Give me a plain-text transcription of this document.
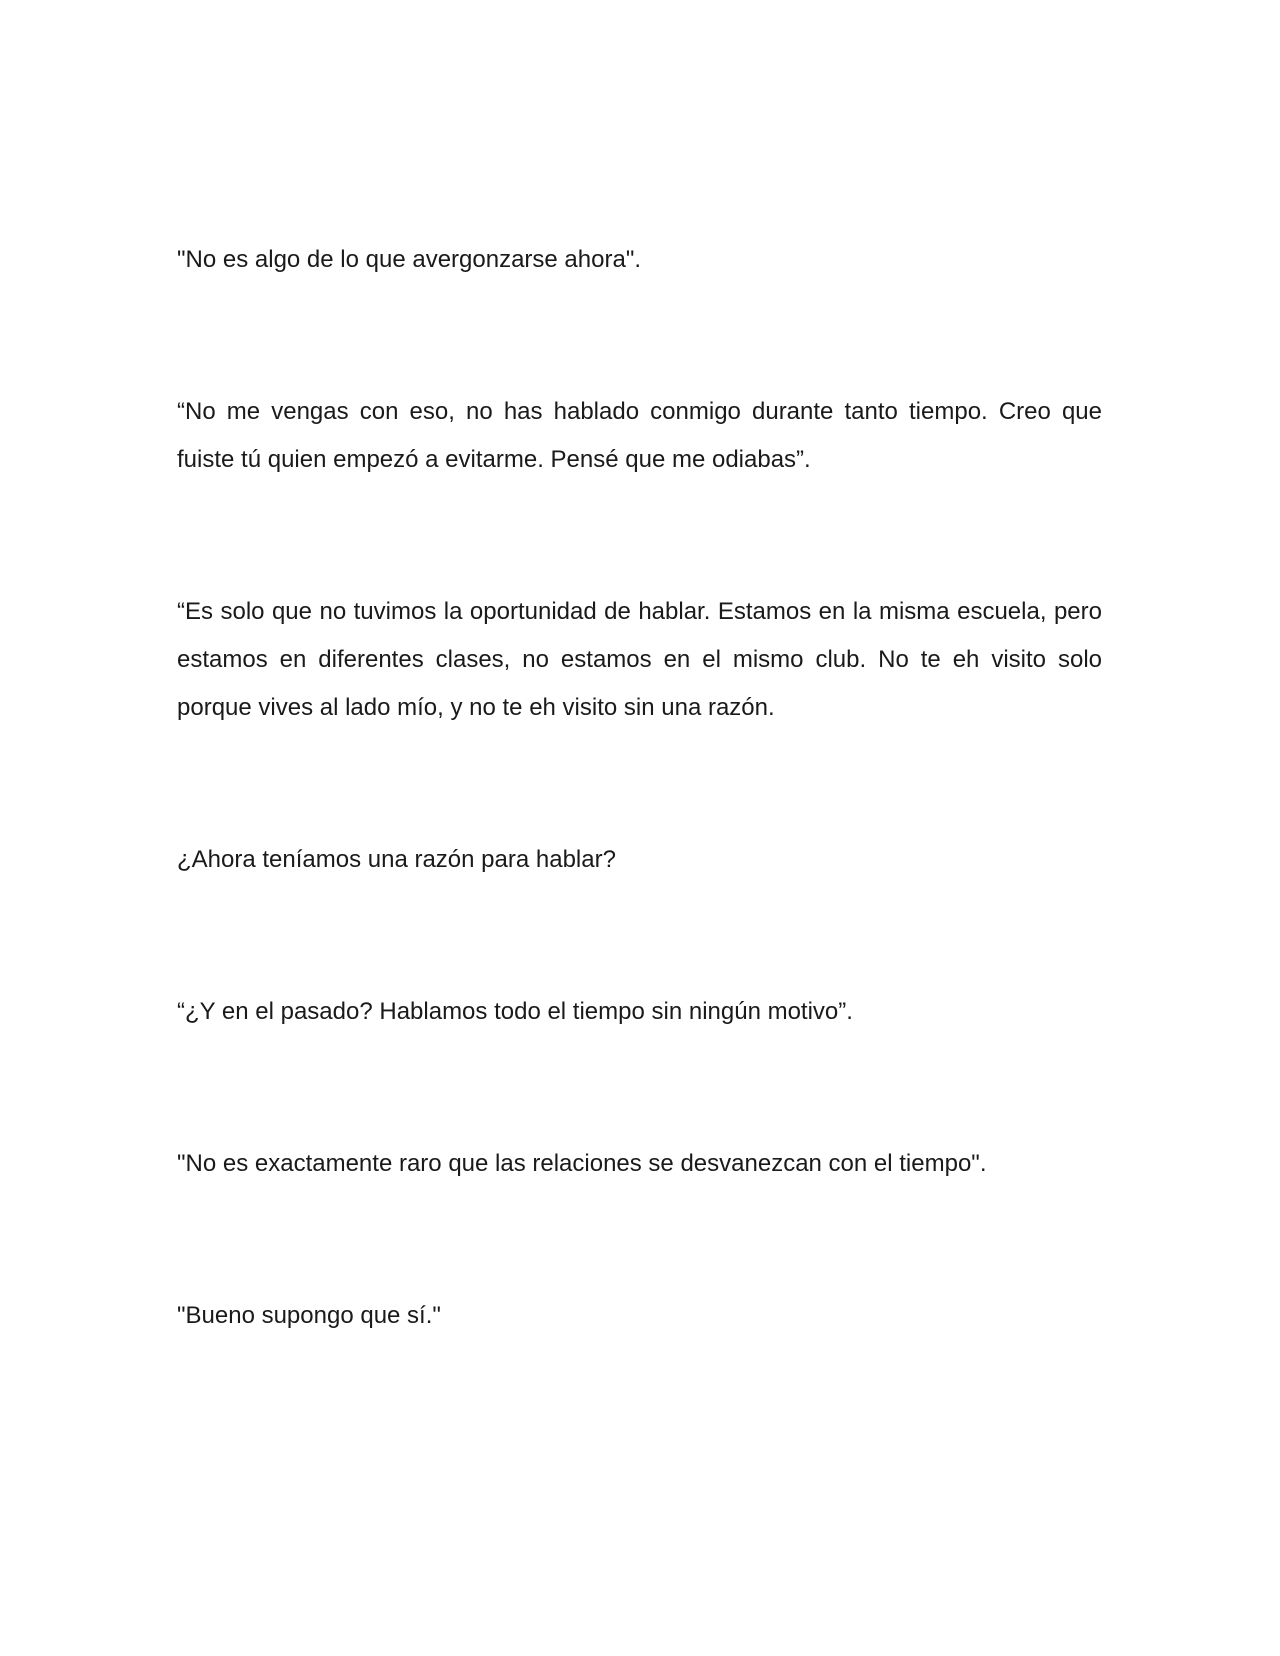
"No es algo de lo que avergonzarse ahora".

“No me vengas con eso, no has hablado conmigo durante tanto tiempo. Creo que fuiste tú quien empezó a evitarme. Pensé que me odiabas”.

“Es solo que no tuvimos la oportunidad de hablar. Estamos en la misma escuela, pero estamos en diferentes clases, no estamos en el mismo club. No te eh visito solo porque vives al lado mío, y no te eh visito sin una razón.

¿Ahora teníamos una razón para hablar?

“¿Y en el pasado? Hablamos todo el tiempo sin ningún motivo”.

"No es exactamente raro que las relaciones se desvanezcan con el tiempo".

"Bueno supongo que sí."
